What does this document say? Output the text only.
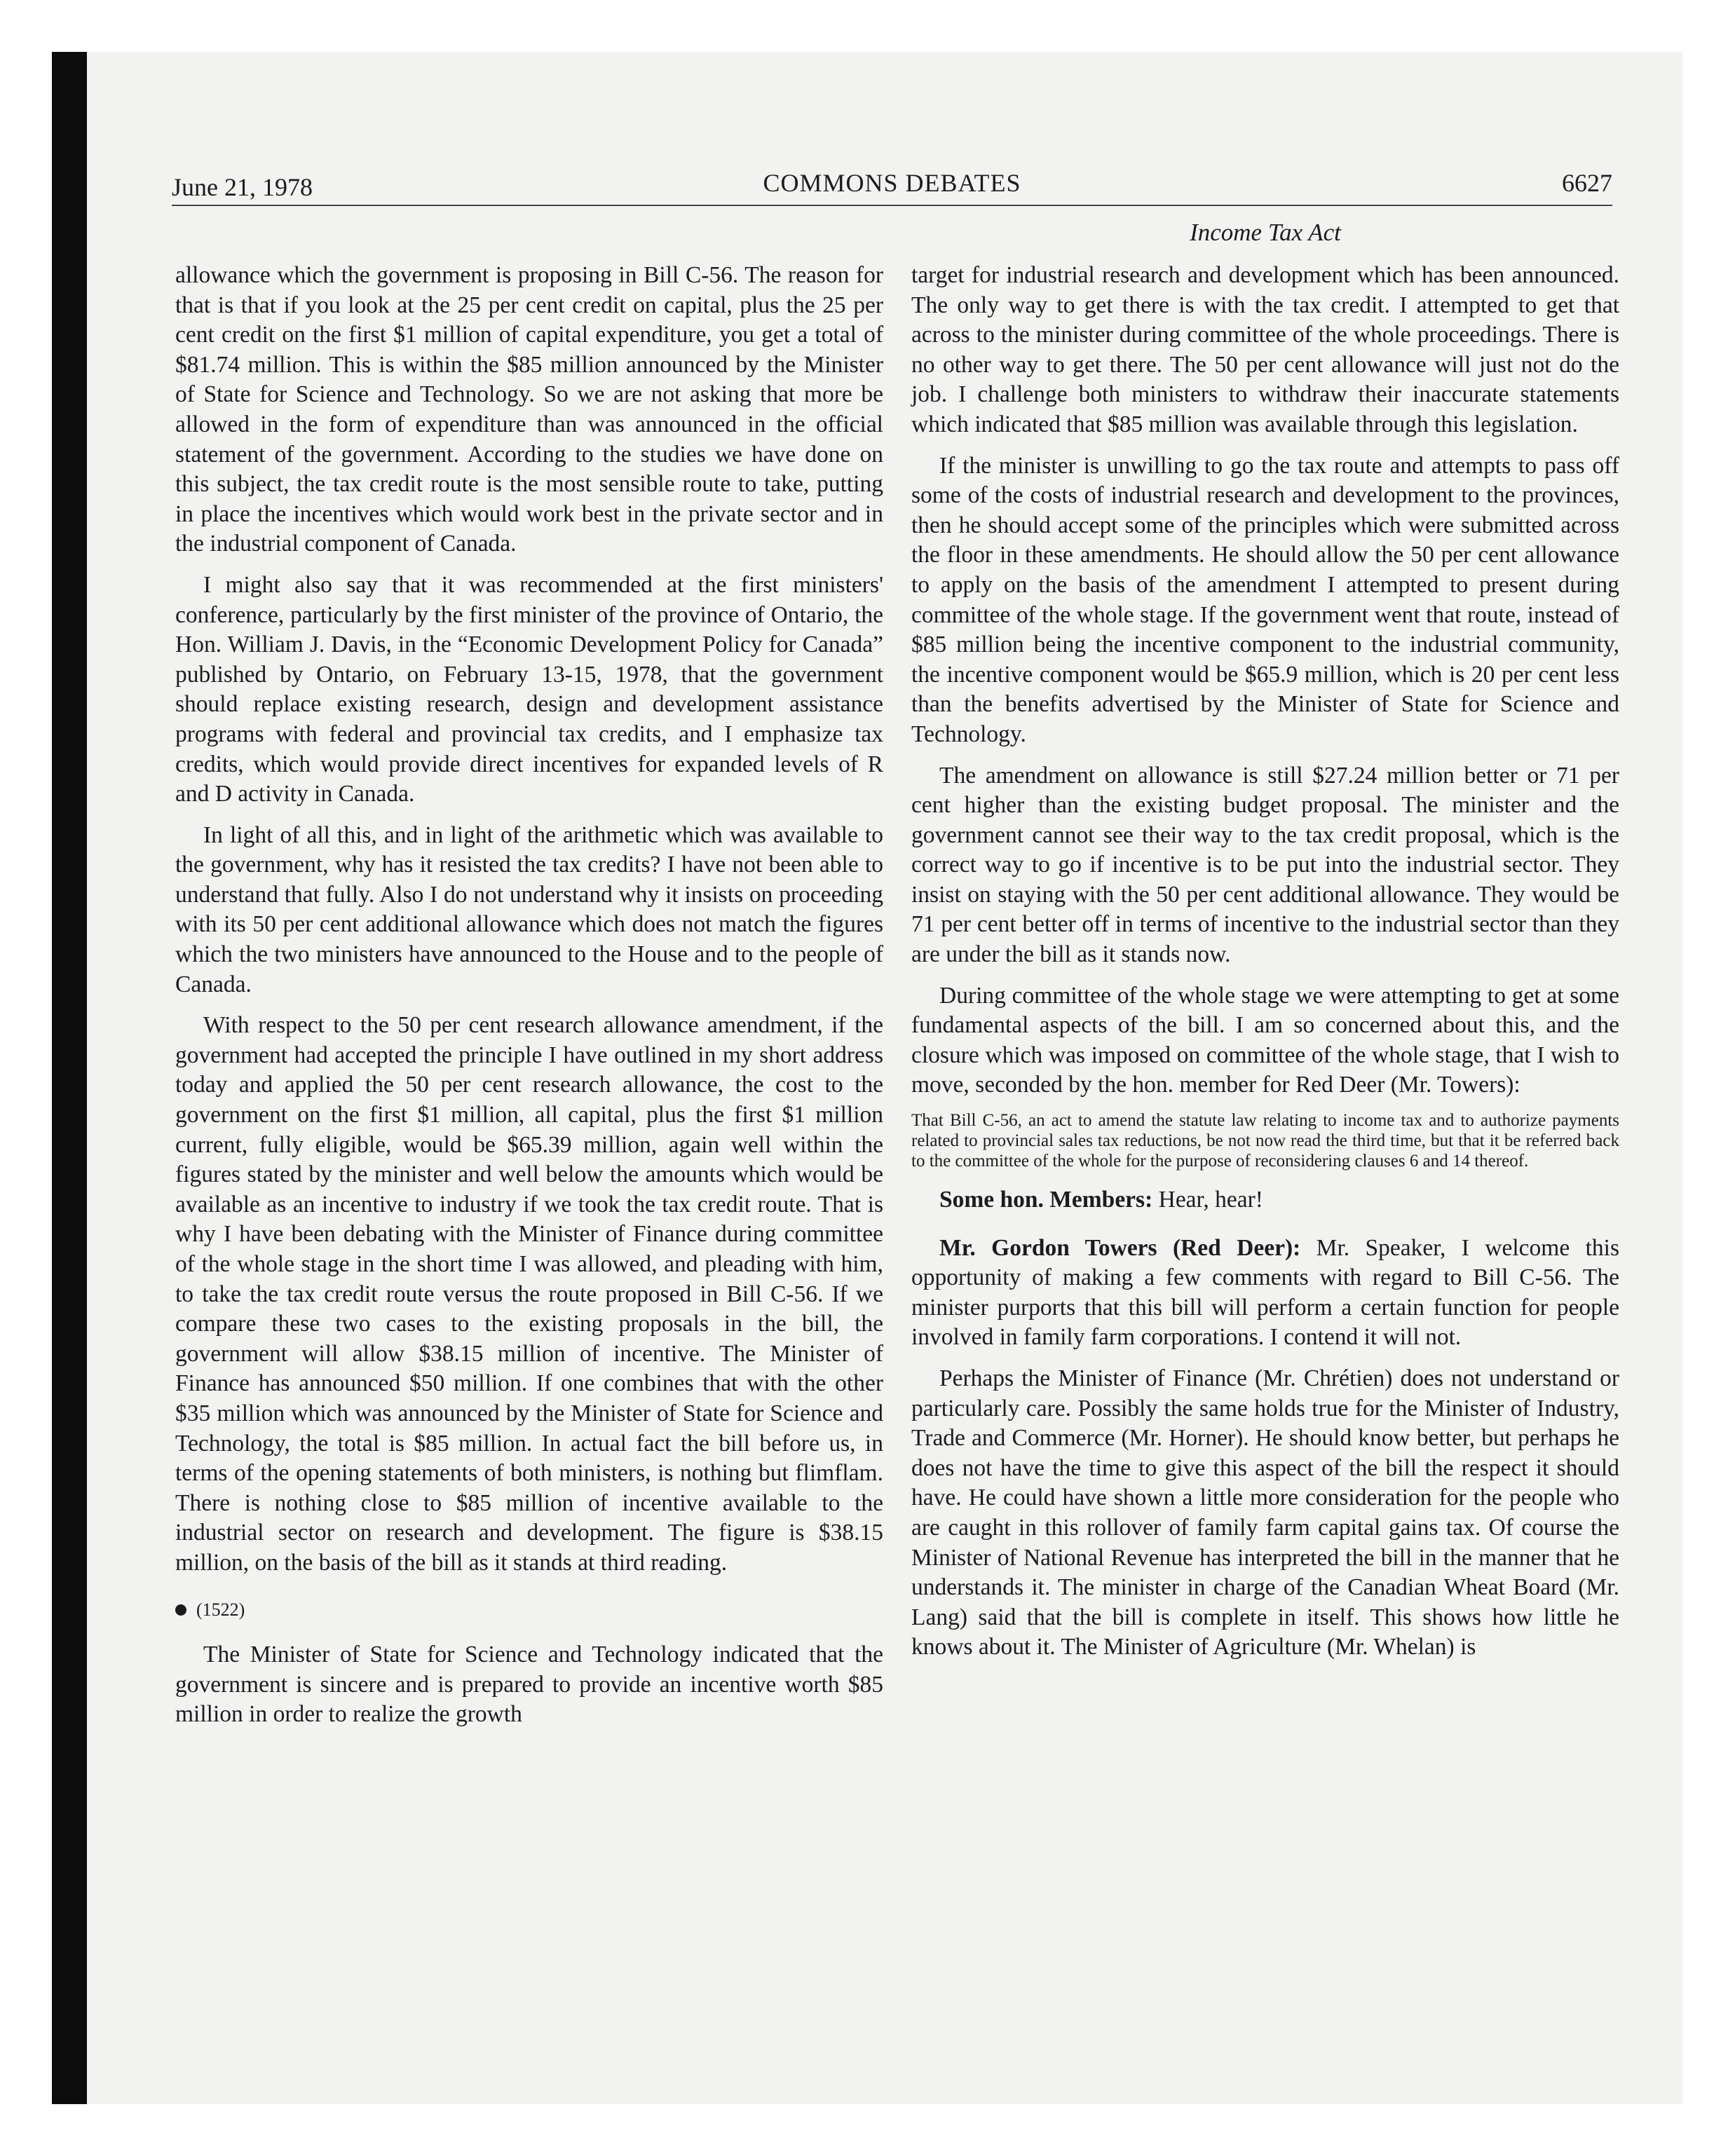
June 21, 1978	COMMONS DEBATES	6627
Income Tax Act

allowance which the government is proposing in Bill C-56. The reason for that is that if you look at the 25 per cent credit on capital, plus the 25 per cent credit on the first $1 million of capital expenditure, you get a total of $81.74 million. This is within the $85 million announced by the Minister of State for Science and Technology. So we are not asking that more be allowed in the form of expenditure than was announced in the official statement of the government. According to the studies we have done on this subject, the tax credit route is the most sensible route to take, putting in place the incentives which would work best in the private sector and in the industrial component of Canada.

I might also say that it was recommended at the first ministers' conference, particularly by the first minister of the province of Ontario, the Hon. William J. Davis, in the “Economic Development Policy for Canada” published by Ontario, on February 13-15, 1978, that the government should replace existing research, design and development assistance programs with federal and provincial tax credits, and I emphasize tax credits, which would provide direct incentives for expanded levels of R and D activity in Canada.

In light of all this, and in light of the arithmetic which was available to the government, why has it resisted the tax credits? I have not been able to understand that fully. Also I do not understand why it insists on proceeding with its 50 per cent additional allowance which does not match the figures which the two ministers have announced to the House and to the people of Canada.

With respect to the 50 per cent research allowance amendment, if the government had accepted the principle I have outlined in my short address today and applied the 50 per cent research allowance, the cost to the government on the first $1 million, all capital, plus the first $1 million current, fully eligible, would be $65.39 million, again well within the figures stated by the minister and well below the amounts which would be available as an incentive to industry if we took the tax credit route. That is why I have been debating with the Minister of Finance during committee of the whole stage in the short time I was allowed, and pleading with him, to take the tax credit route versus the route proposed in Bill C-56. If we compare these two cases to the existing proposals in the bill, the government will allow $38.15 million of incentive. The Minister of Finance has announced $50 million. If one combines that with the other $35 million which was announced by the Minister of State for Science and Technology, the total is $85 million. In actual fact the bill before us, in terms of the opening statements of both ministers, is nothing but flimflam. There is nothing close to $85 million of incentive available to the industrial sector on research and development. The figure is $38.15 million, on the basis of the bill as it stands at third reading.

(1522)

The Minister of State for Science and Technology indicated that the government is sincere and is prepared to provide an incentive worth $85 million in order to realize the growth

target for industrial research and development which has been announced. The only way to get there is with the tax credit. I attempted to get that across to the minister during committee of the whole proceedings. There is no other way to get there. The 50 per cent allowance will just not do the job. I challenge both ministers to withdraw their inaccurate statements which indicated that $85 million was available through this legislation.

If the minister is unwilling to go the tax route and attempts to pass off some of the costs of industrial research and development to the provinces, then he should accept some of the principles which were submitted across the floor in these amendments. He should allow the 50 per cent allowance to apply on the basis of the amendment I attempted to present during committee of the whole stage. If the government went that route, instead of $85 million being the incentive component to the industrial community, the incentive component would be $65.9 million, which is 20 per cent less than the benefits advertised by the Minister of State for Science and Technology.

The amendment on allowance is still $27.24 million better or 71 per cent higher than the existing budget proposal. The minister and the government cannot see their way to the tax credit proposal, which is the correct way to go if incentive is to be put into the industrial sector. They insist on staying with the 50 per cent additional allowance. They would be 71 per cent better off in terms of incentive to the industrial sector than they are under the bill as it stands now.

During committee of the whole stage we were attempting to get at some fundamental aspects of the bill. I am so concerned about this, and the closure which was imposed on committee of the whole stage, that I wish to move, seconded by the hon. member for Red Deer (Mr. Towers):

That Bill C-56, an act to amend the statute law relating to income tax and to authorize payments related to provincial sales tax reductions, be not now read the third time, but that it be referred back to the committee of the whole for the purpose of reconsidering clauses 6 and 14 thereof.

Some hon. Members: Hear, hear!

Mr. Gordon Towers (Red Deer): Mr. Speaker, I welcome this opportunity of making a few comments with regard to Bill C-56. The minister purports that this bill will perform a certain function for people involved in family farm corporations. I contend it will not.

Perhaps the Minister of Finance (Mr. Chrétien) does not understand or particularly care. Possibly the same holds true for the Minister of Industry, Trade and Commerce (Mr. Horner). He should know better, but perhaps he does not have the time to give this aspect of the bill the respect it should have. He could have shown a little more consideration for the people who are caught in this rollover of family farm capital gains tax. Of course the Minister of National Revenue has interpreted the bill in the manner that he understands it. The minister in charge of the Canadian Wheat Board (Mr. Lang) said that the bill is complete in itself. This shows how little he knows about it. The Minister of Agriculture (Mr. Whelan) is
